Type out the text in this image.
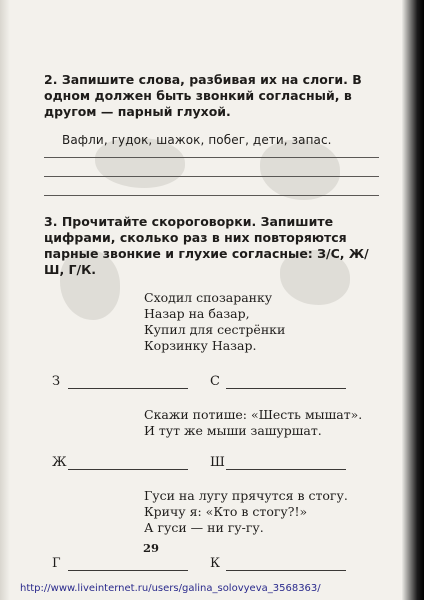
2. Запишите слова, разбивая их на слоги. В одном должен быть звонкий согласный, в другом — парный глухой.

Вафли, гудок, шажок, побег, дети, запас.

3. Прочитайте скороговорки. Запишите цифрами, сколько раз в них повторяются парные звонкие и глухие согласные: З/С, Ж/Ш, Г/К.

Сходил спозаранку
Назар на базар,
Купил для сестрёнки
Корзинку Назар.
З	С
Скажи потише: «Шесть мышат».
И тут же мыши зашуршат.
Ж	Ш
Гуси на лугу прячутся в стогу.
Кричу я: «Кто в стогу?!»
А гуси — ни гу-гу.
Г	К
29
http://www.liveinternet.ru/users/galina_solovyeva_3568363/
